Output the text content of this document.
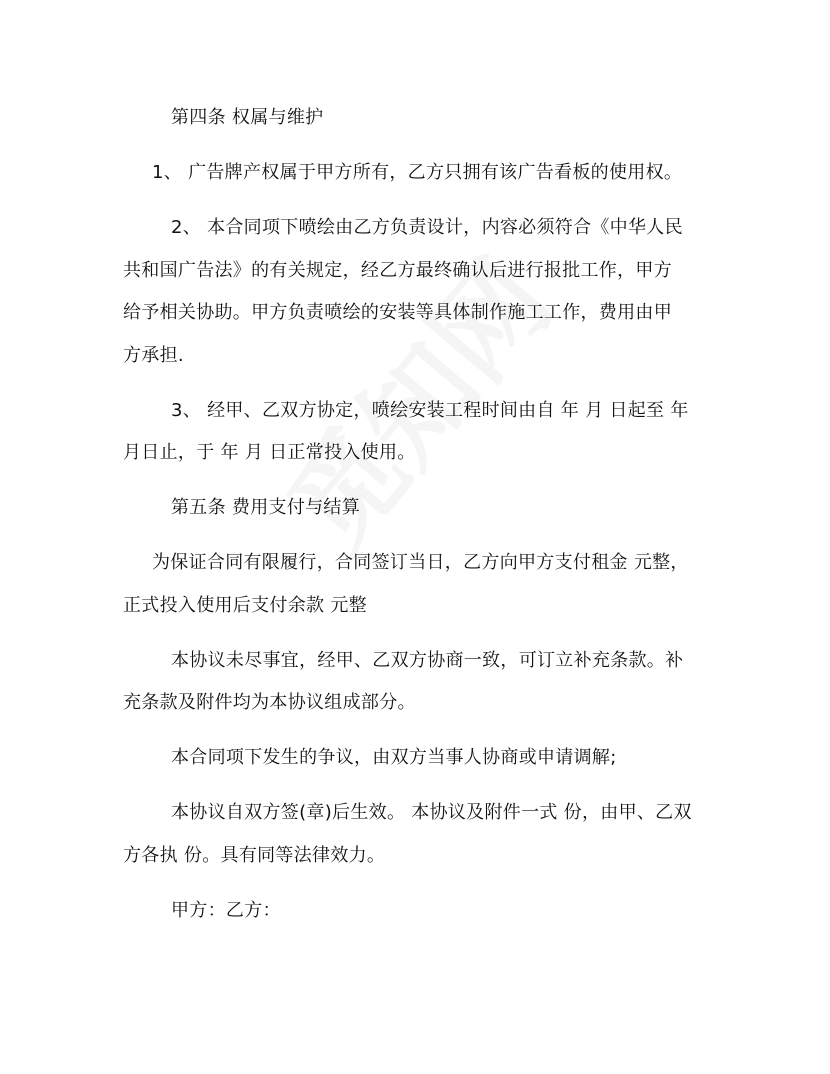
第四条 权属与维护
1、 广告牌产权属于甲方所有，乙方只拥有该广告看板的使用权。
2、 本合同项下喷绘由乙方负责设计，内容必须符合《中华人民
共和国广告法》的有关规定，经乙方最终确认后进行报批工作，甲方
给予相关协助。甲方负责喷绘的安装等具体制作施工工作，费用由甲
方承担.
3、 经甲、乙双方协定，喷绘安装工程时间由自 年 月 日起至 年
月日止，于 年 月 日正常投入使用。
第五条 费用支付与结算
为保证合同有限履行，合同签订当日，乙方向甲方支付租金 元整，
正式投入使用后支付余款 元整
本协议未尽事宜，经甲、乙双方协商一致，可订立补充条款。补
充条款及附件均为本协议组成部分。
本合同项下发生的争议，由双方当事人协商或申请调解;
本协议自双方签(章)后生效。 本协议及附件一式 份，由甲、乙双
方各执 份。具有同等法律效力。
甲方：乙方：
